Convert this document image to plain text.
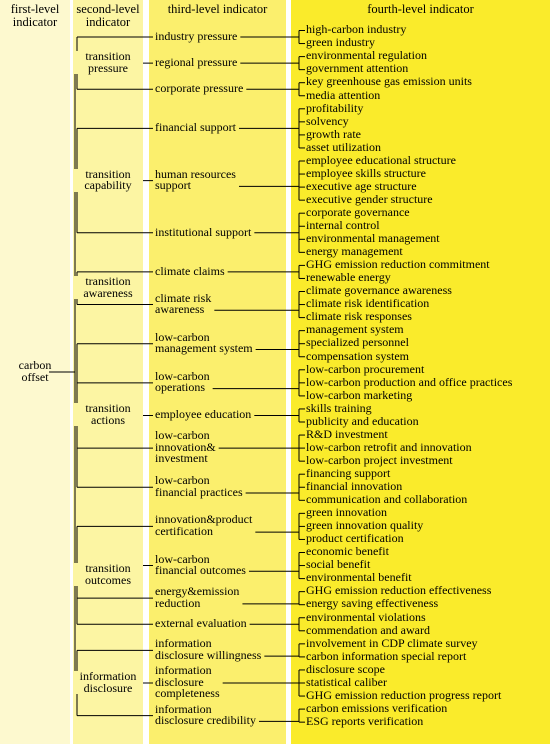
first-level
indicator
second-level
indicator
third-level indicator	fourth-level indicator
high-carbon industry
green industry
environmental regulation
government attention
key greenhouse gas emission units
media attention
profitability
solvency
growth rate
asset utilization
employee educational structure
employee skills structure
executive age structure
executive gender structure
corporate governance
internal control
environmental management
energy management
GHG emission reduction commitment
renewable energy
climate governance awareness
climate risk identification
climate risk responses
management system
specialized personnel
compensation system
low-carbon procurement
low-carbon production and office practices
low-carbon marketing
skills training
publicity and education
R&D investment
low-carbon retrofit and innovation
low-carbon project investment
financing support
financial innovation
communication and collaboration
green innovation
green innovation quality
product certification
economic benefit
social benefit
environmental benefit
GHG emission reduction effectiveness
energy saving effectiveness
environmental violations
commendation and award
involvement in CDP climate survey
carbon information special report
disclosure scope
statistical caliber
GHG emission reduction progress report
carbon emissions verification
ESG reports verification
industry pressure
regional pressure
corporate pressure
financial support
human resources
support
institutional support
climate claims
climate risk
awareness
low-carbon
management system
low-carbon
operations
employee education
low-carbon
innovation&
investment
low-carbon
financial practices
innovation&product
certification
low-carbon
financial outcomes
energy&emission
reduction
external evaluation
information
disclosure willingness
information
disclosure
completeness
information
disclosure credibility
transition
pressure
transition
capability
transition
awareness
transition
actions
transition
outcomes
information
disclosure
carbon
offset
